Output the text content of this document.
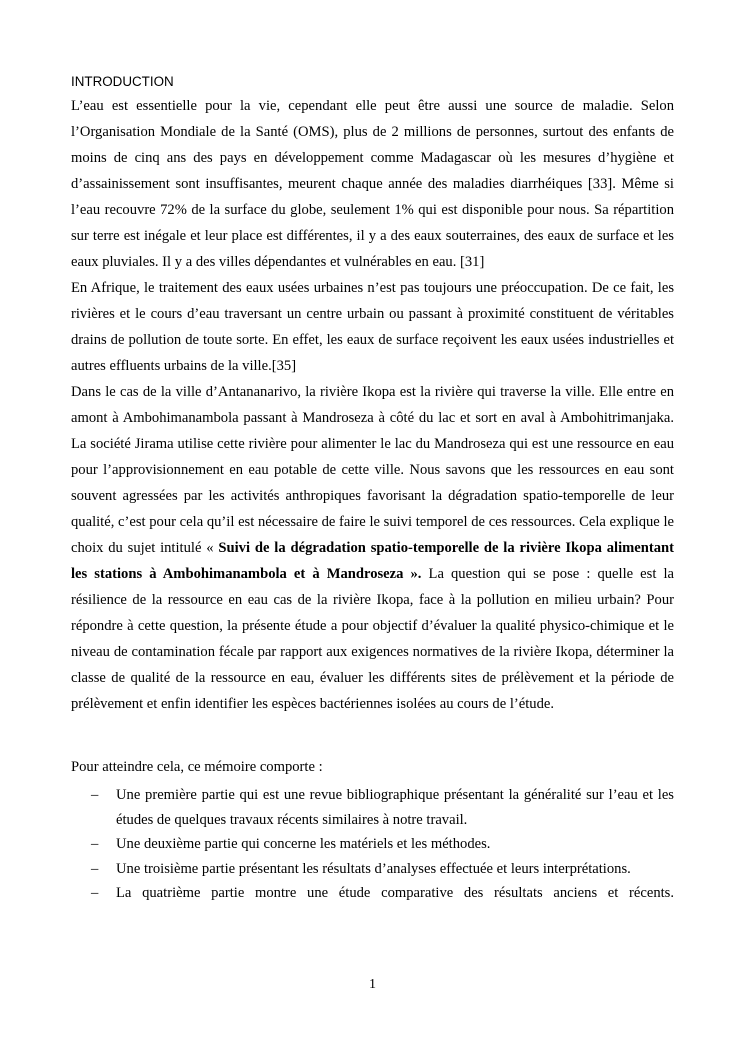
INTRODUCTION

L’eau est essentielle pour la vie, cependant elle peut être aussi une source de maladie. Selon l’Organisation Mondiale de la Santé (OMS), plus de 2 millions de personnes, surtout des enfants de moins de cinq ans des pays en développement comme Madagascar où les mesures d’hygiène et d’assainissement sont insuffisantes, meurent chaque année des maladies diarrhéiques [33]. Même si l’eau recouvre 72% de la surface du globe, seulement 1% qui est disponible pour nous. Sa répartition sur terre est inégale et leur place est différentes, il y a des eaux souterraines, des eaux de surface et les eaux pluviales. Il y a des villes dépendantes et vulnérables en eau. [31]

En Afrique, le traitement des eaux usées urbaines n’est pas toujours une préoccupation. De ce fait, les rivières et le cours d’eau traversant un centre urbain ou passant à proximité constituent de véritables drains de pollution de toute sorte. En effet, les eaux de surface reçoivent les eaux usées industrielles et autres effluents urbains de la ville.[35]

Dans le cas de la ville d’Antananarivo, la rivière Ikopa est la rivière qui traverse la ville. Elle entre en amont à Ambohimanambola passant à Mandroseza à côté du lac et sort en aval à Ambohitrimanjaka. La société Jirama utilise cette rivière pour alimenter le lac du Mandroseza qui est une ressource en eau pour l’approvisionnement en eau potable de cette ville. Nous savons que les ressources en eau sont souvent agressées par les activités anthropiques favorisant la dégradation spatio-temporelle de leur qualité, c’est pour cela qu’il est nécessaire de faire le suivi temporel de ces ressources. Cela explique le choix du sujet intitulé « Suivi de la dégradation spatio-temporelle de la rivière Ikopa alimentant les stations à Ambohimanambola et à Mandroseza ». La question qui se pose : quelle est la résilience de la ressource en eau cas de la rivière Ikopa, face à la pollution en milieu urbain? Pour répondre à cette question, la présente étude a pour objectif d’évaluer la qualité physico-chimique et le niveau de contamination fécale par rapport aux exigences normatives de la rivière Ikopa, déterminer la classe de qualité de la ressource en eau, évaluer les différents sites de prélèvement et la période de prélèvement et enfin identifier les espèces bactériennes isolées au cours de l’étude.

Pour atteindre cela, ce mémoire comporte :

– Une première partie qui est une revue bibliographique présentant la généralité sur l’eau et les études de quelques travaux récents similaires à notre travail.
– Une deuxième partie qui concerne les matériels et les méthodes.
– Une troisième partie présentant les résultats d’analyses effectuée et leurs interprétations.
– La quatrième partie montre une étude comparative des résultats anciens et récents.

1
